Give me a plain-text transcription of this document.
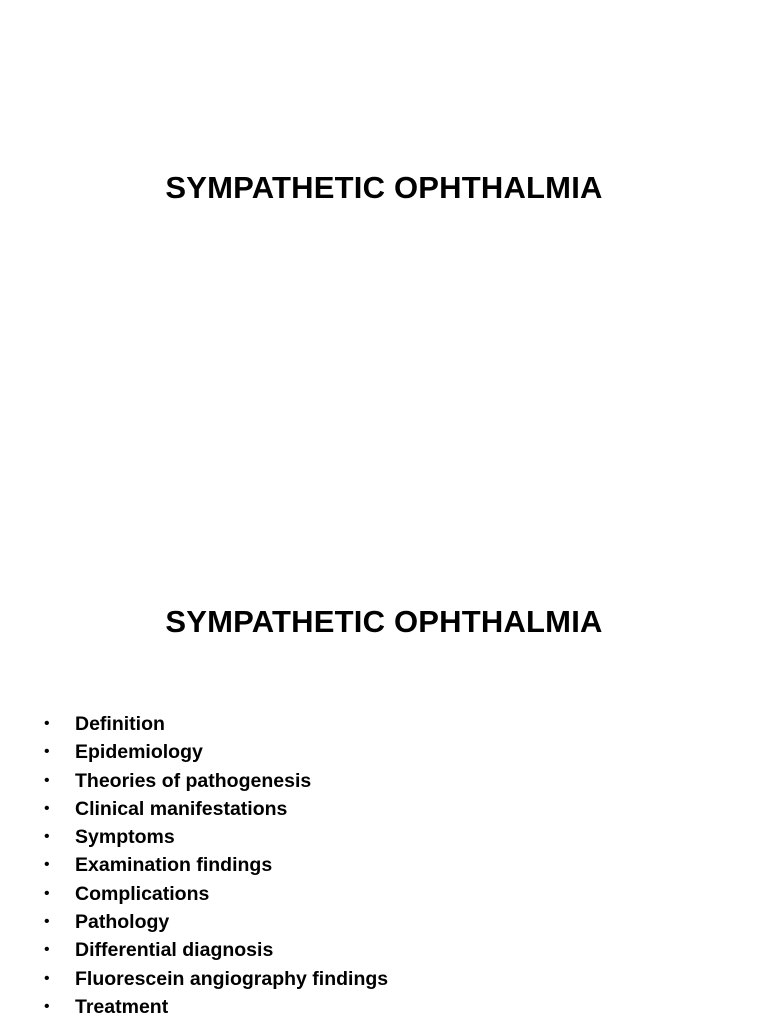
SYMPATHETIC OPHTHALMIA
SYMPATHETIC OPHTHALMIA
• Definition
• Epidemiology
• Theories of pathogenesis
• Clinical manifestations
• Symptoms
• Examination findings
• Complications
• Pathology
• Differential diagnosis
• Fluorescein angiography findings
• Treatment
